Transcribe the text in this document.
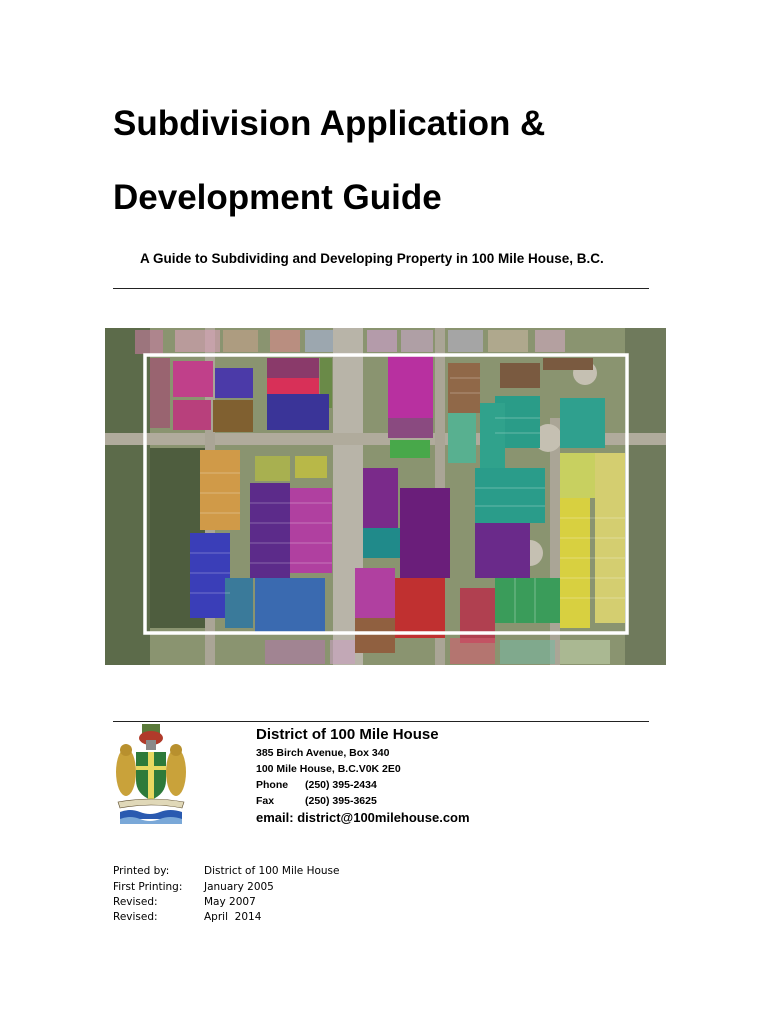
Subdivision Application &
Development Guide
A Guide to Subdividing and Developing Property in 100 Mile House, B.C.
District of 100 Mile House
385 Birch Avenue, Box 340
100 Mile House, B.C.V0K 2E0
Phone (250) 395-2434
Fax	(250) 395-3625
email: district@100milehouse.com
Printed by:	District of 100 Mile House
First Printing: January 2005
Revised:	May 2007
Revised:	April  2014
